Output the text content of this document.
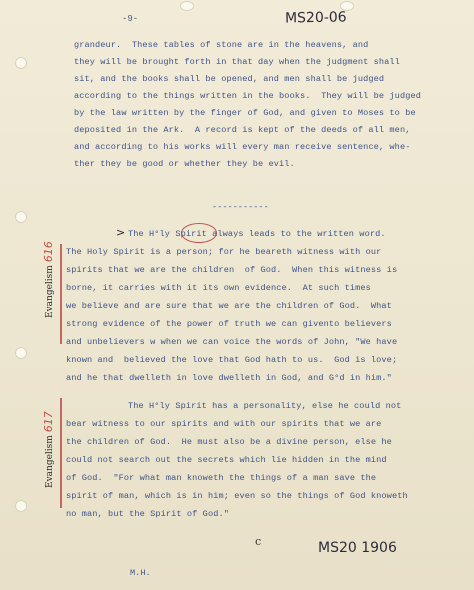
-9-	MS20-06
grandeur.  These tables of stone are in the heavens, and
they will be brought forth in that day when the judgment shall
sit, and the books shall be opened, and men shall be judged
according to the things written in the books.  They will be judged
by the law written by the finger of God, and given to Moses to be
deposited in the Ark.  A record is kept of the deeds of all men,
and according to his works will every man receive sentence, whe-
ther they be good or whether they be evil.
-----------
> The H°ly Spirit always leads to the written word.
The Holy Spirit is a person; for he beareth witness with our
spirits that we are the children  of God.  When this witness is
borne, it carries with it its own evidence.  At such times
we believe and are sure that we are the children of God.  What
strong evidence of the power of truth we can givento believers
and unbelievers w when we can voice the words of John, "We have
known and  believed the love that God hath to us.  God is love;
and he that dwelleth in love dwelleth in God, and G°d in him."
The H°ly Spirit has a personality, else he could not
bear witness to our spirits and with our spirits that we are
the children of God.  He must also be a divine person, else he
could not search out the secrets which lie hidden in the mind
of God.  "For what man knoweth the things of a man save the
spirit of man, which is in him; even so the things of God knoweth
no man, but the Spirit of God."
c	MS20 1906
Evangelism 616
Evangelism 617
M.H.
